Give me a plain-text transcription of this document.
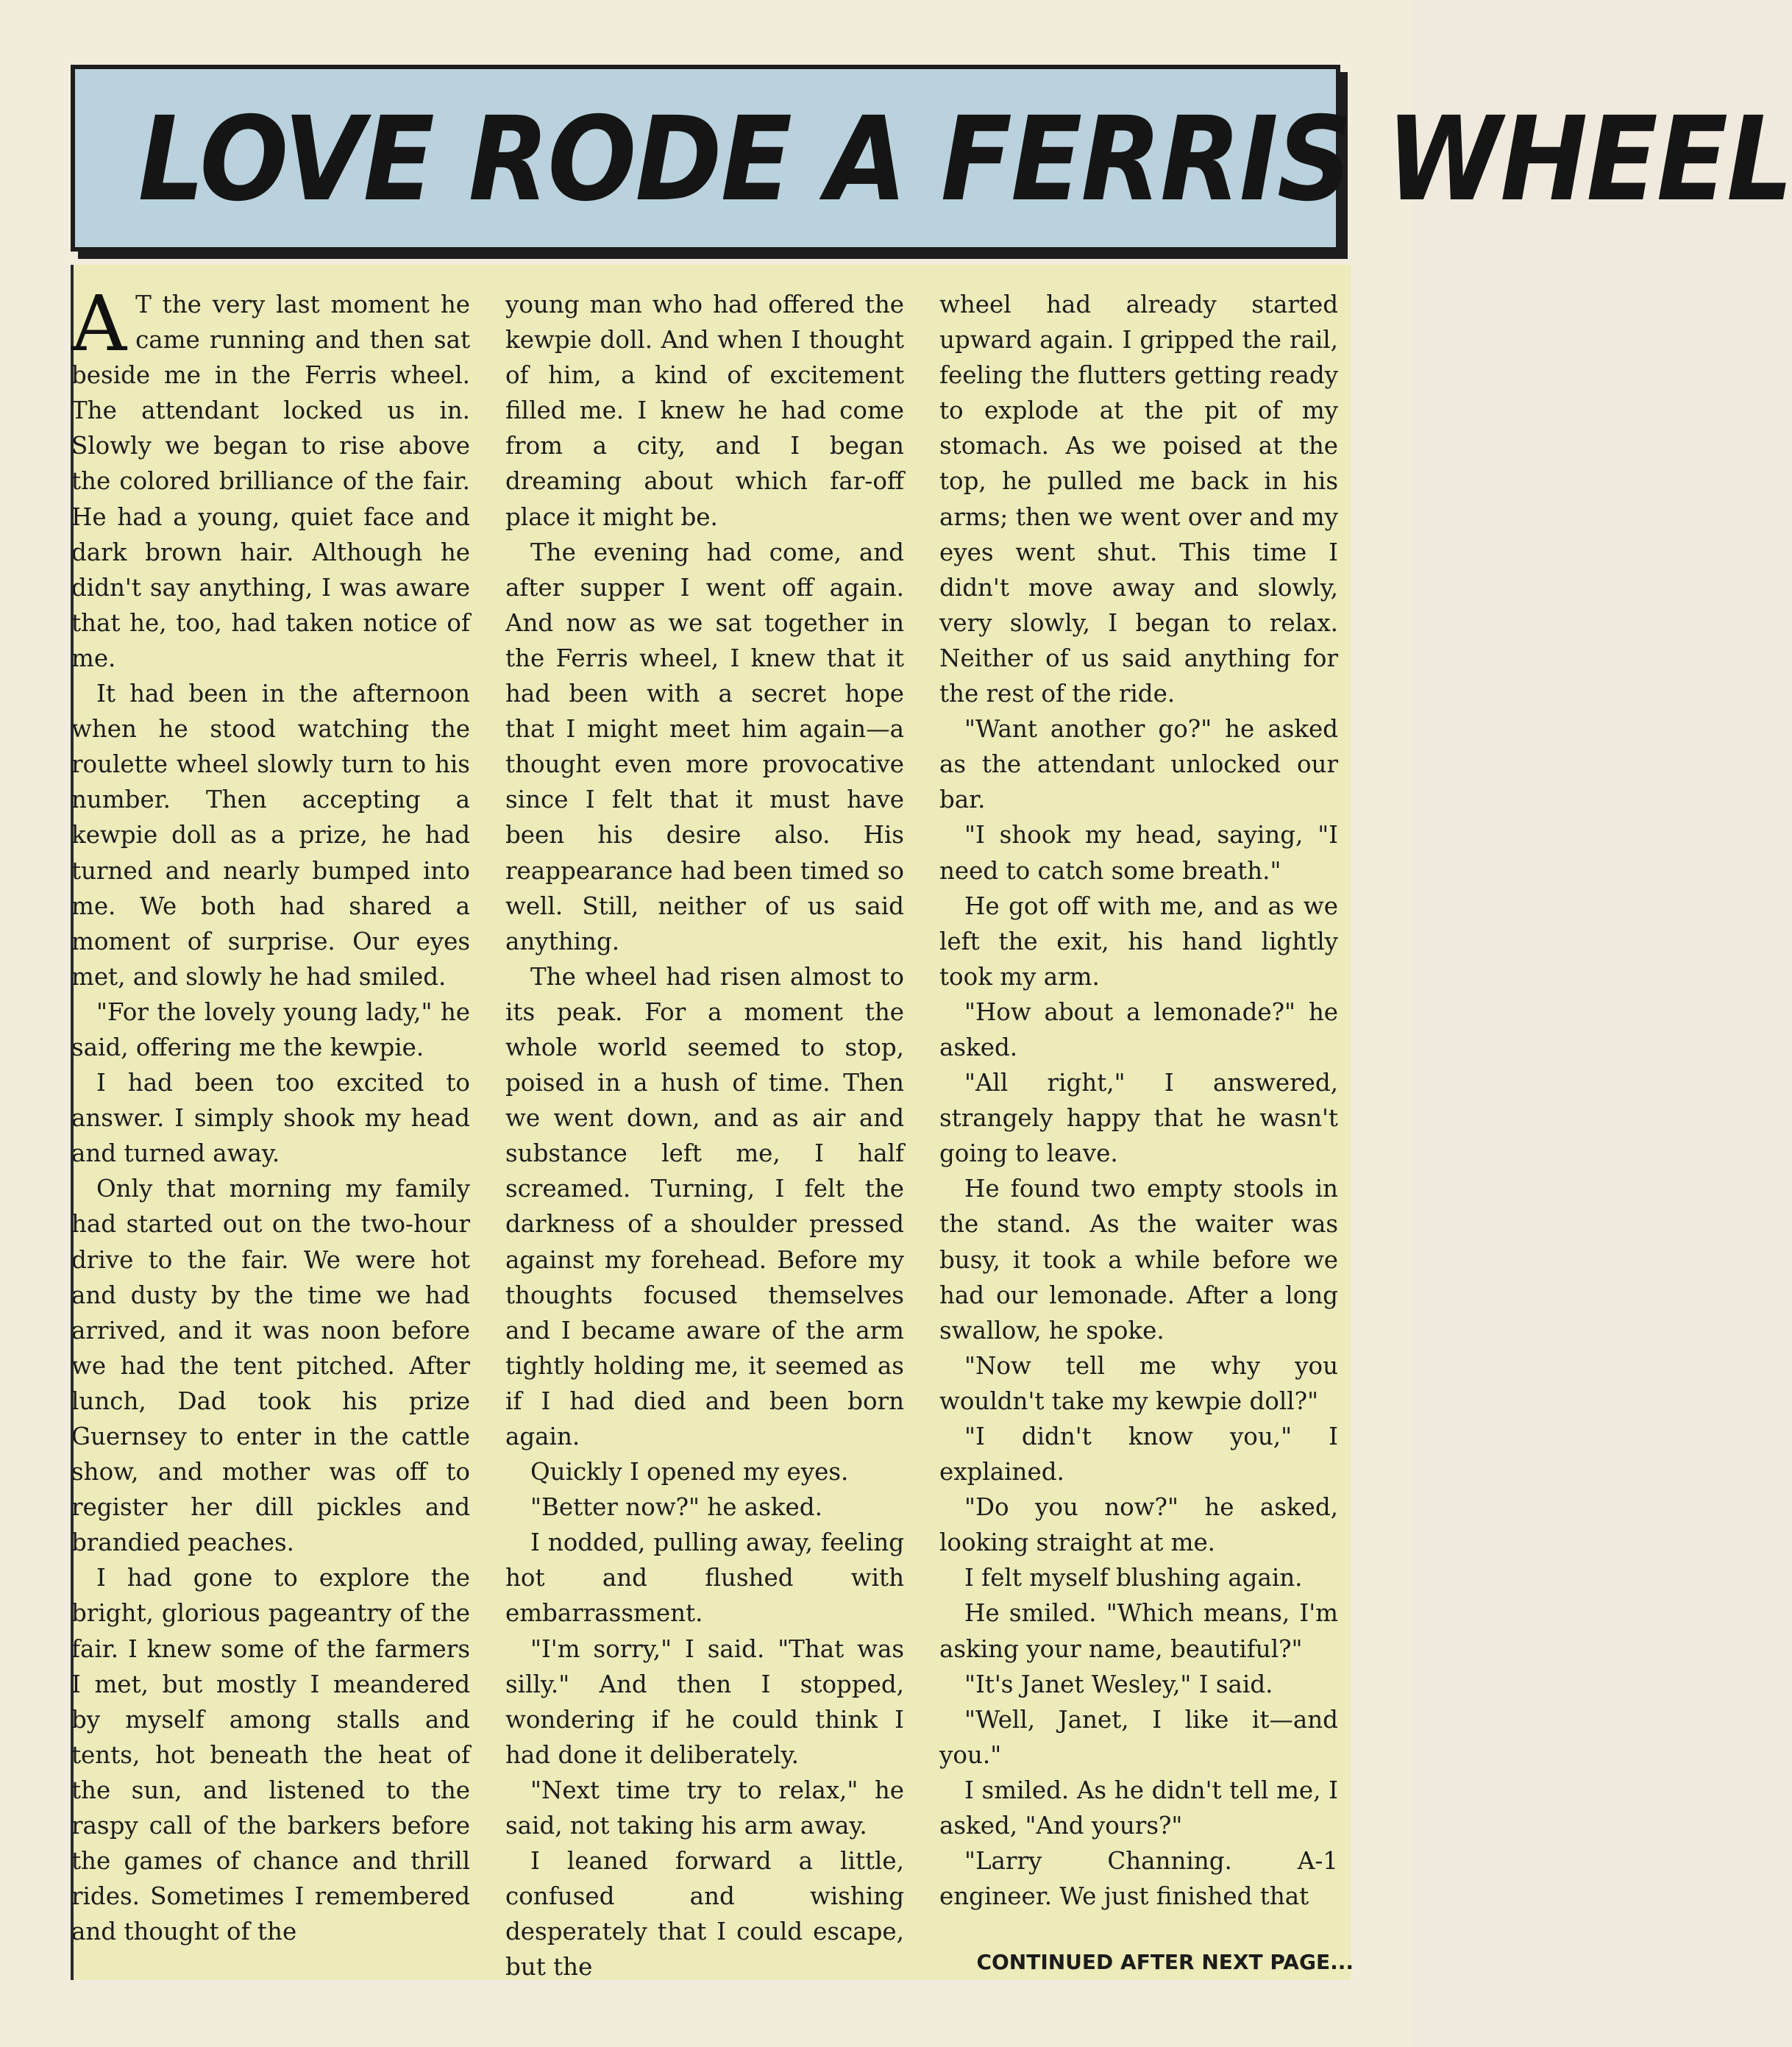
LOVE RODE A FERRIS WHEEL

A T the very last moment he came running and then sat beside me in the Ferris wheel. The attendant locked us in. Slowly we began to rise above the colored brilliance of the fair. He had a young, quiet face and dark brown hair. Although he didn't say anything, I was aware that he, too, had taken notice of me.

It had been in the afternoon when he stood watching the roulette wheel slowly turn to his number. Then accepting a kewpie doll as a prize, he had turned and nearly bumped into me. We both had shared a moment of surprise. Our eyes met, and slowly he had smiled.

"For the lovely young lady," he said, offering me the kewpie.

I had been too excited to answer. I simply shook my head and turned away.

Only that morning my family had started out on the two-hour drive to the fair. We were hot and dusty by the time we had arrived, and it was noon before we had the tent pitched. After lunch, Dad took his prize Guernsey to enter in the cattle show, and mother was off to register her dill pickles and brandied peaches.

I had gone to explore the bright, glorious pageantry of the fair. I knew some of the farmers I met, but mostly I meandered by myself among stalls and tents, hot beneath the heat of the sun, and listened to the raspy call of the barkers before the games of chance and thrill rides. Sometimes I remembered and thought of the

young man who had offered the kewpie doll. And when I thought of him, a kind of excitement filled me. I knew he had come from a city, and I began dreaming about which far-off place it might be.

The evening had come, and after supper I went off again. And now as we sat together in the Ferris wheel, I knew that it had been with a secret hope that I might meet him again—a thought even more provocative since I felt that it must have been his desire also. His reappearance had been timed so well. Still, neither of us said anything.

The wheel had risen almost to its peak. For a moment the whole world seemed to stop, poised in a hush of time. Then we went down, and as air and substance left me, I half screamed. Turning, I felt the darkness of a shoulder pressed against my forehead. Before my thoughts focused themselves and I became aware of the arm tightly holding me, it seemed as if I had died and been born again.

Quickly I opened my eyes.

"Better now?" he asked.

I nodded, pulling away, feeling hot and flushed with embarrassment.

"I'm sorry," I said. "That was silly." And then I stopped, wondering if he could think I had done it deliberately.

"Next time try to relax," he said, not taking his arm away.

I leaned forward a little, confused and wishing desperately that I could escape, but the

wheel had already started upward again. I gripped the rail, feeling the flutters getting ready to explode at the pit of my stomach. As we poised at the top, he pulled me back in his arms; then we went over and my eyes went shut. This time I didn't move away and slowly, very slowly, I began to relax. Neither of us said anything for the rest of the ride.

"Want another go?" he asked as the attendant unlocked our bar.

"I shook my head, saying, "I need to catch some breath."

He got off with me, and as we left the exit, his hand lightly took my arm.

"How about a lemonade?" he asked.

"All right," I answered, strangely happy that he wasn't going to leave.

He found two empty stools in the stand. As the waiter was busy, it took a while before we had our lemonade. After a long swallow, he spoke.

"Now tell me why you wouldn't take my kewpie doll?"

"I didn't know you," I explained.

"Do you now?" he asked, looking straight at me.

I felt myself blushing again.

He smiled. "Which means, I'm asking your name, beautiful?"

"It's Janet Wesley," I said.

"Well, Janet, I like it—and you."

I smiled. As he didn't tell me, I asked, "And yours?"

"Larry Channing. A-1 engineer. We just finished that

CONTINUED AFTER NEXT PAGE...
